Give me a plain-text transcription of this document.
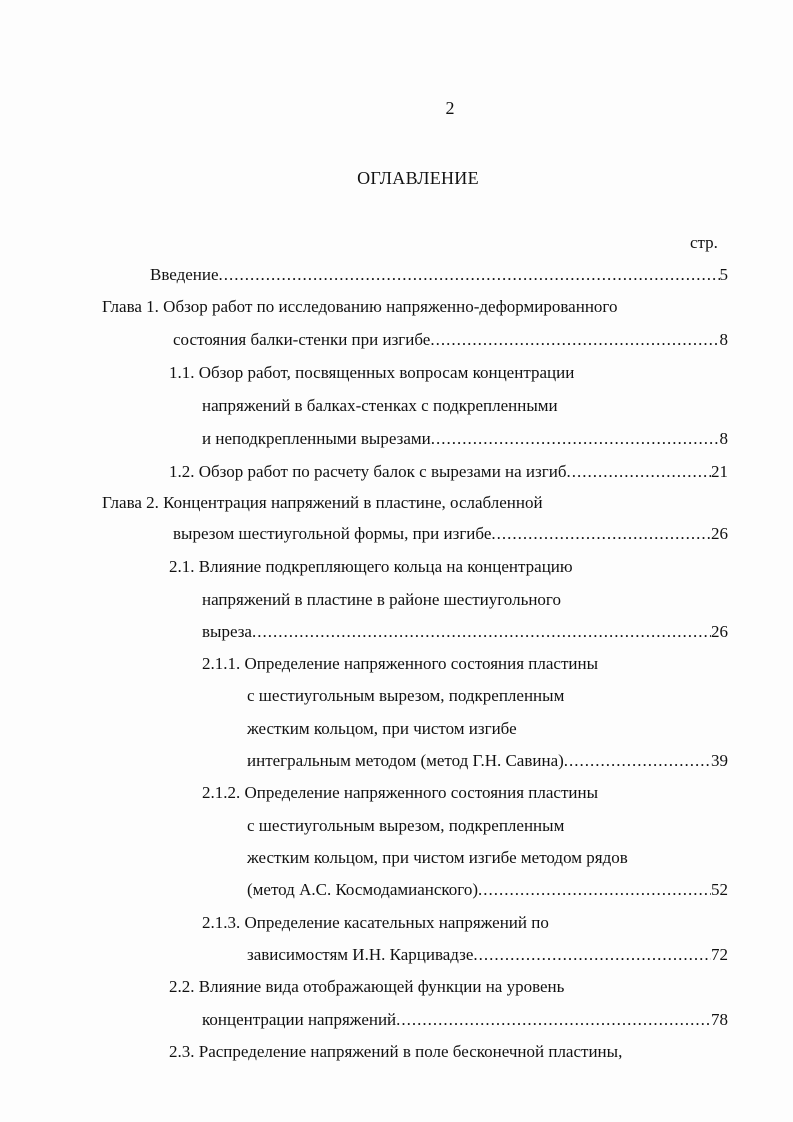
2
ОГЛАВЛЕНИЕ
стр.
Введение .....	5
Глава 1. Обзор работ по исследованию напряженно-деформированного
состояния балки-стенки при изгибе .....	8
1.1. Обзор работ, посвященных вопросам концентрации
напряжений в балках-стенках с подкрепленными
и неподкрепленными вырезами .....	8
1.2. Обзор работ по расчету балок с вырезами на изгиб .....	21
Глава 2. Концентрация напряжений в пластине, ослабленной
вырезом шестиугольной формы, при изгибе .....	26
2.1. Влияние подкрепляющего кольца на концентрацию
напряжений в пластине в районе шестиугольного
выреза .....	26
2.1.1. Определение напряженного состояния пластины
с шестиугольным вырезом, подкрепленным
жестким кольцом, при чистом изгибе
интегральным методом (метод Г.Н. Савина) .....	39
2.1.2. Определение напряженного состояния пластины
с шестиугольным вырезом, подкрепленным
жестким кольцом, при чистом изгибе методом рядов
(метод А.С. Космодамианского) .....	52
2.1.3. Определение касательных напряжений по
зависимостям И.Н. Карцивадзе .....	72
2.2. Влияние вида отображающей функции на уровень
концентрации напряжений .....	78
2.3. Распределение напряжений в поле бесконечной пластины,
